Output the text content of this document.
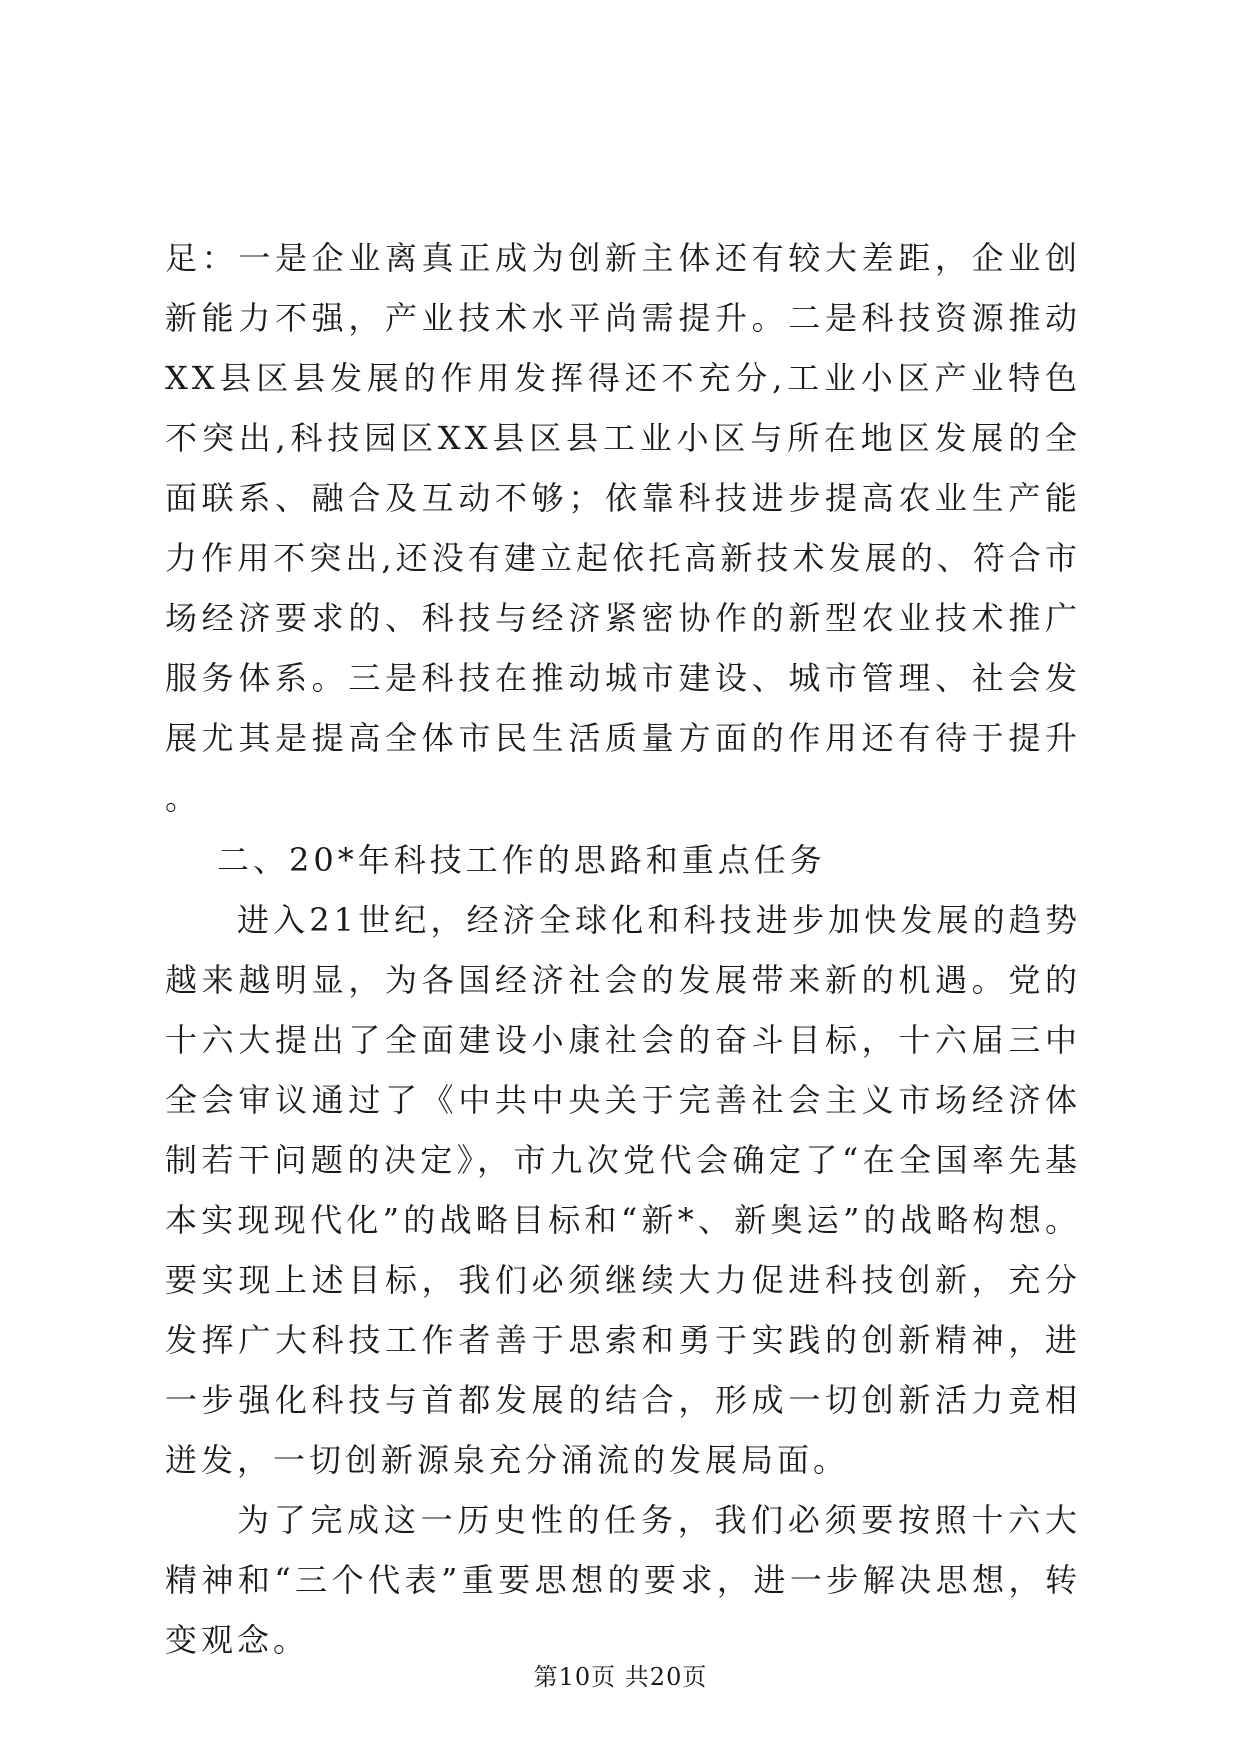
足：一是企业离真正成为创新主体还有较大差距，企业创新能力不强，产业技术水平尚需提升。二是科技资源推动XX县区县发展的作用发挥得还不充分,工业小区产业特色不突出,科技园区XX县区县工业小区与所在地区发展的全面联系、融合及互动不够；依靠科技进步提高农业生产能力作用不突出,还没有建立起依托高新技术发展的、符合市场经济要求的、科技与经济紧密协作的新型农业技术推广服务体系。三是科技在推动城市建设、城市管理、社会发展尤其是提高全体市民生活质量方面的作用还有待于提升。

二、20*年科技工作的思路和重点任务

进入21世纪，经济全球化和科技进步加快发展的趋势越来越明显，为各国经济社会的发展带来新的机遇。党的十六大提出了全面建设小康社会的奋斗目标，十六届三中全会审议通过了《中共中央关于完善社会主义市场经济体制若干问题的决定》，市九次党代会确定了“在全国率先基本实现现代化”的战略目标和“新*、新奥运”的战略构想。要实现上述目标，我们必须继续大力促进科技创新，充分发挥广大科技工作者善于思索和勇于实践的创新精神，进一步强化科技与首都发展的结合，形成一切创新活力竞相迸发，一切创新源泉充分涌流的发展局面。

为了完成这一历史性的任务，我们必须要按照十六大精神和“三个代表”重要思想的要求，进一步解决思想，转变观念。

第10页 共20页
